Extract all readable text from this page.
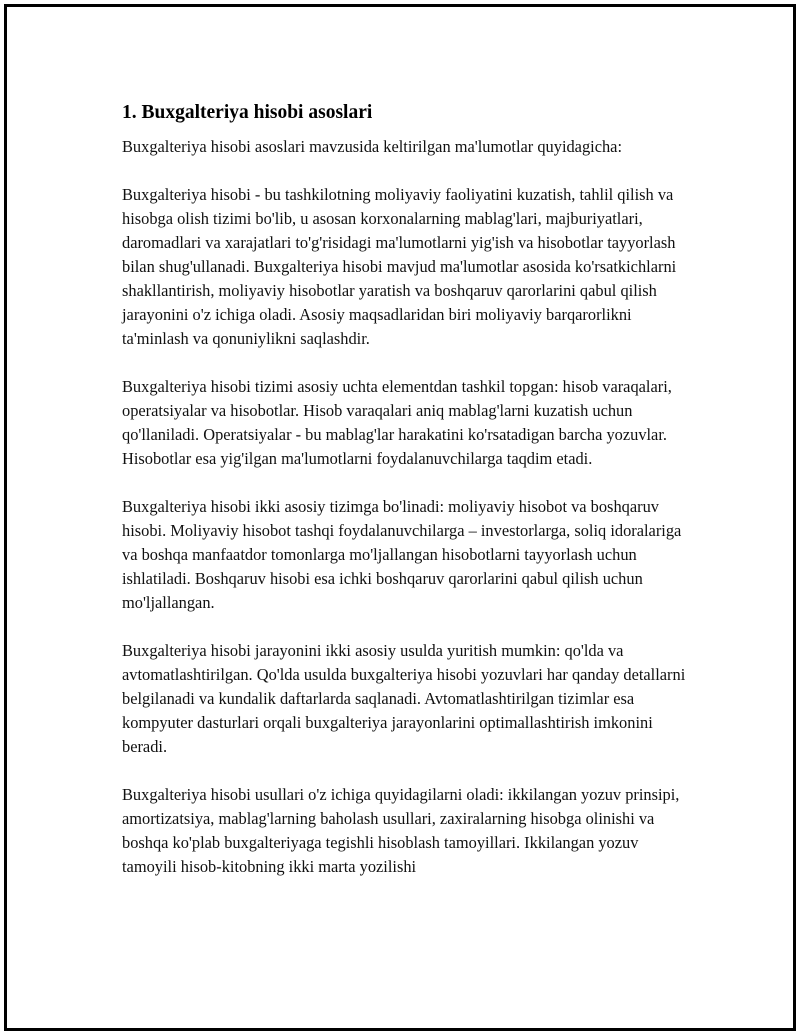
1. Buxgalteriya hisobi asoslari

Buxgalteriya hisobi asoslari mavzusida keltirilgan ma'lumotlar quyidagicha:

Buxgalteriya hisobi - bu tashkilotning moliyaviy faoliyatini kuzatish, tahlil qilish va hisobga olish tizimi bo'lib, u asosan korxonalarning mablag'lari, majburiyatlari, daromadlari va xarajatlari to'g'risidagi ma'lumotlarni yig'ish va hisobotlar tayyorlash bilan shug'ullanadi. Buxgalteriya hisobi mavjud ma'lumotlar asosida ko'rsatkichlarni shakllantirish, moliyaviy hisobotlar yaratish va boshqaruv qarorlarini qabul qilish jarayonini o'z ichiga oladi. Asosiy maqsadlaridan biri moliyaviy barqarorlikni ta'minlash va qonuniylikni saqlashdir.

Buxgalteriya hisobi tizimi asosiy uchta elementdan tashkil topgan: hisob varaqalari, operatsiyalar va hisobotlar. Hisob varaqalari aniq mablag'larni kuzatish uchun qo'llaniladi. Operatsiyalar - bu mablag'lar harakatini ko'rsatadigan barcha yozuvlar. Hisobotlar esa yig'ilgan ma'lumotlarni foydalanuvchilarga taqdim etadi.

Buxgalteriya hisobi ikki asosiy tizimga bo'linadi: moliyaviy hisobot va boshqaruv hisobi. Moliyaviy hisobot tashqi foydalanuvchilarga – investorlarga, soliq idoralariga va boshqa manfaatdor tomonlarga mo'ljallangan hisobotlarni tayyorlash uchun ishlatiladi. Boshqaruv hisobi esa ichki boshqaruv qarorlarini qabul qilish uchun mo'ljallangan.

Buxgalteriya hisobi jarayonini ikki asosiy usulda yuritish mumkin: qo'lda va avtomatlashtirilgan. Qo'lda usulda buxgalteriya hisobi yozuvlari har qanday detallarni belgilanadi va kundalik daftarlarda saqlanadi. Avtomatlashtirilgan tizimlar esa kompyuter dasturlari orqali buxgalteriya jarayonlarini optimallashtirish imkonini beradi.

Buxgalteriya hisobi usullari o'z ichiga quyidagilarni oladi: ikkilangan yozuv prinsipi, amortizatsiya, mablag'larning baholash usullari, zaxiralarning hisobga olinishi va boshqa ko'plab buxgalteriyaga tegishli hisoblash tamoyillari. Ikkilangan yozuv tamoyili hisob-kitobning ikki marta yozilishi
